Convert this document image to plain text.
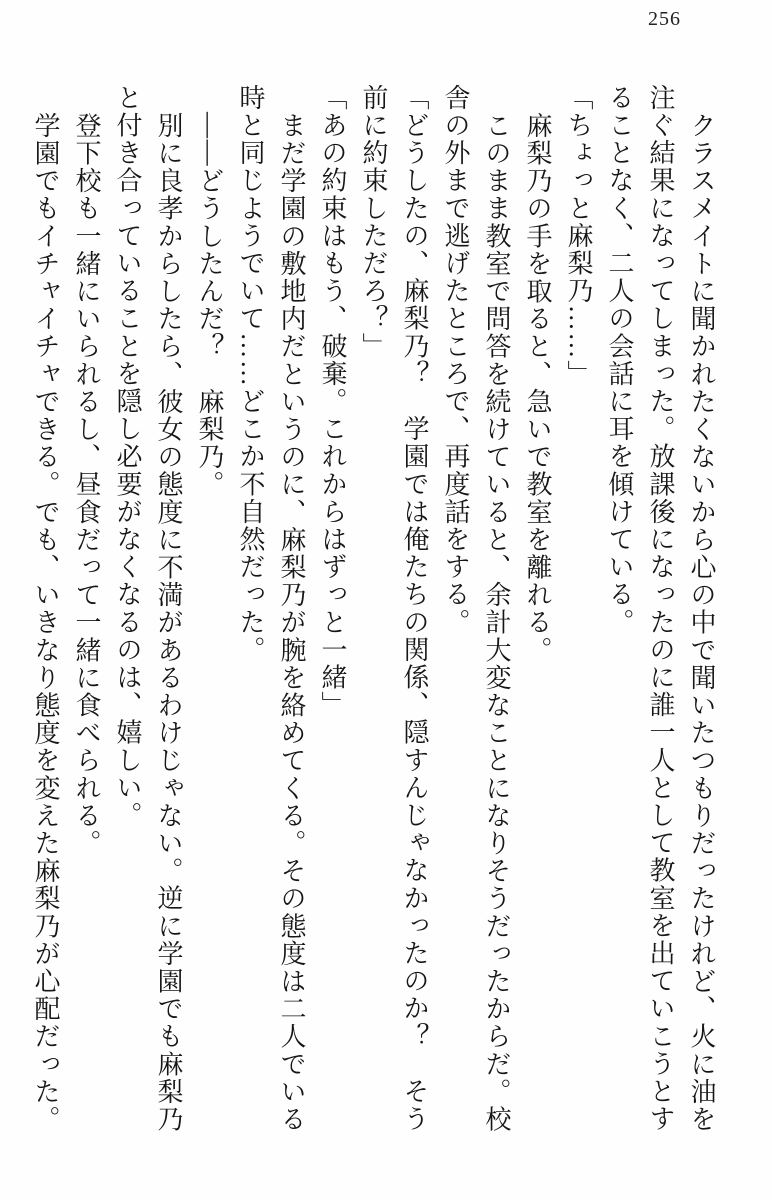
256

クラスメイトに聞かれたくないから心の中で聞いたつもりだったけれど、火に油を注ぐ結果になってしまった。放課後になったのに誰一人として教室を出ていこうとすることなく、二人の会話に耳を傾けている。

「ちょっと麻梨乃……」

麻梨乃の手を取ると、急いで教室を離れる。

このまま教室で問答を続けていると、余計大変なことになりそうだったからだ。校舎の外まで逃げたところで、再度話をする。

「どうしたの、麻梨乃？　学園では俺たちの関係、隠すんじゃなかったのか？　そう前に約束しただろ？」

「あの約束はもう、破棄。これからはずっと一緒」

まだ学園の敷地内だというのに、麻梨乃が腕を絡めてくる。その態度は二人でいる時と同じようでいて……どこか不自然だった。

――どうしたんだ？　麻梨乃。

別に良孝からしたら、彼女の態度に不満があるわけじゃない。逆に学園でも麻梨乃と付き合っていることを隠し必要がなくなるのは、嬉しい。

登下校も一緒にいられるし、昼食だって一緒に食べられる。

学園でもイチャイチャできる。でも、いきなり態度を変えた麻梨乃が心配だった。
